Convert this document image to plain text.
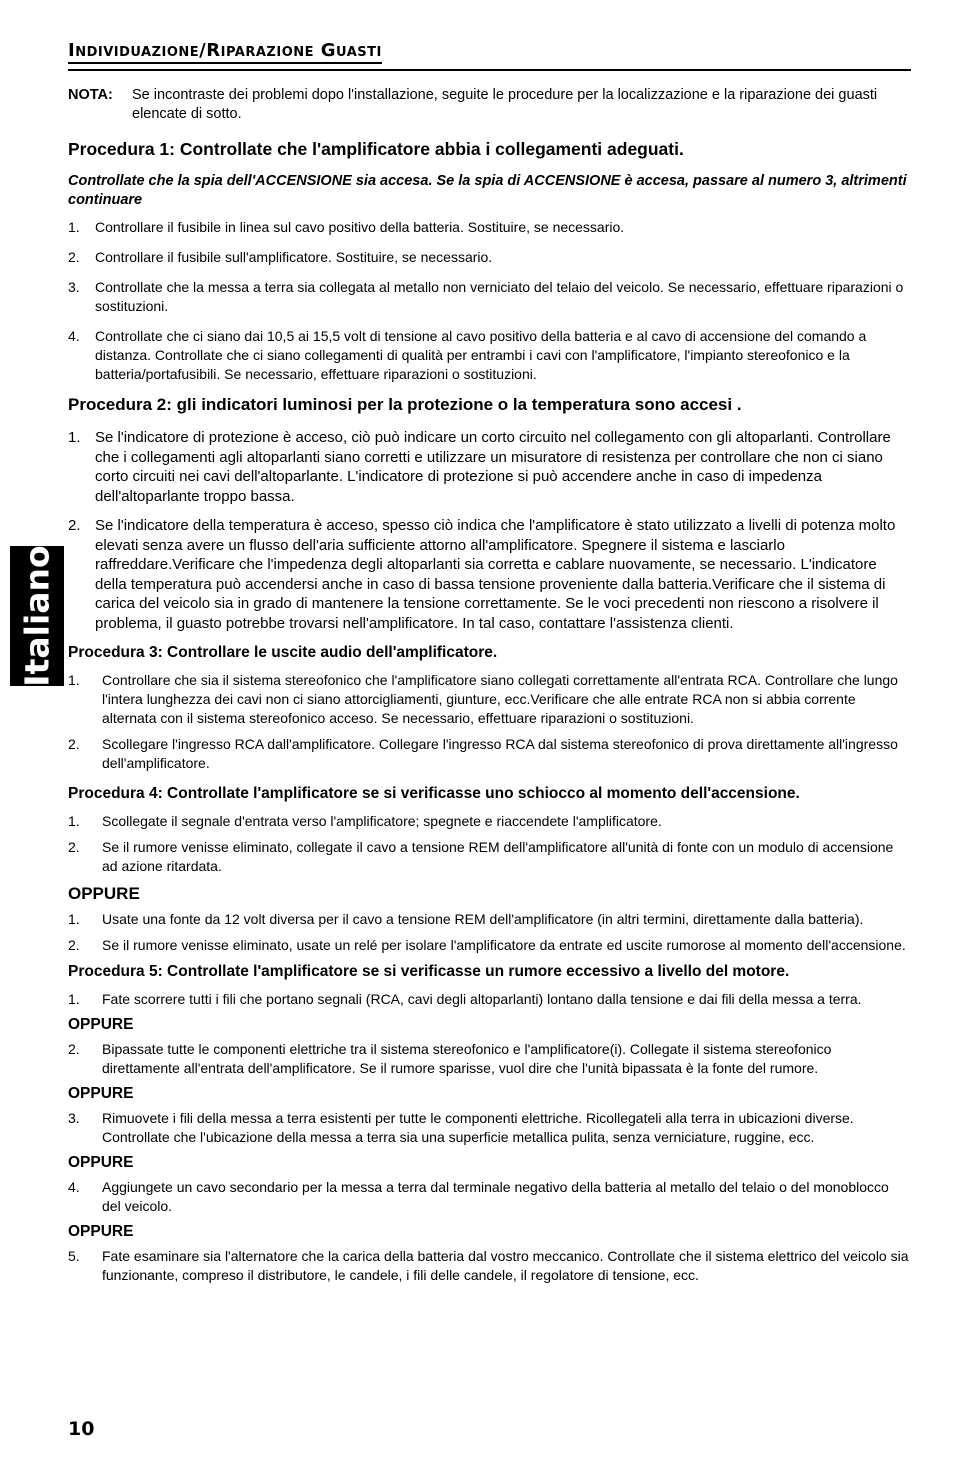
Individuazione/Riparazione Guasti
Italiano
NOTA:	Se incontraste dei problemi dopo l'installazione, seguite le procedure per la localizzazione e la riparazione dei guasti elencate di sotto.
Procedura 1: Controllate che l'amplificatore abbia i collegamenti adeguati.
Controllate che la spia dell'ACCENSIONE sia accesa. Se la spia di ACCENSIONE è accesa, passare al numero 3, altrimenti continuare
1.	Controllare il fusibile in linea sul cavo positivo della batteria. Sostituire, se necessario.
2.	Controllare il fusibile sull'amplificatore. Sostituire, se necessario.
3.	Controllate che la messa a terra sia collegata al metallo non verniciato del telaio del veicolo. Se necessario, effettuare riparazioni o sostituzioni.
4.	Controllate che ci siano dai 10,5 ai 15,5 volt di tensione al cavo positivo della batteria e al cavo di accensione del comando a distanza. Controllate che ci siano collegamenti di qualità per entrambi i cavi con l'amplificatore, l'impianto stereofonico e la batteria/portafusibili. Se necessario, effettuare riparazioni o sostituzioni.
Procedura 2: gli indicatori luminosi per la protezione o la temperatura sono accesi .
1. Se l'indicatore di protezione è acceso, ciò può indicare un corto circuito nel collegamento con gli altoparlanti. Controllare che i collegamenti agli altoparlanti siano corretti e utilizzare un misuratore di resistenza per controllare che non ci siano corto circuiti nei cavi dell'altoparlante. L'indicatore di protezione si può accendere anche in caso di impedenza dell'altoparlante troppo bassa.
2. Se l'indicatore della temperatura è acceso, spesso ciò indica che l'amplificatore è stato utilizzato a livelli di potenza molto elevati senza avere un flusso dell'aria sufficiente attorno all'amplificatore. Spegnere il sistema e lasciarlo raffreddare.Verificare che l'impedenza degli altoparlanti sia corretta e cablare nuovamente, se necessario. L'indicatore della temperatura può accendersi anche in caso di bassa tensione proveniente dalla batteria.Verificare che il sistema di carica del veicolo sia in grado di mantenere la tensione correttamente. Se le voci precedenti non riescono a risolvere il problema, il guasto potrebbe trovarsi nell'amplificatore. In tal caso, contattare l'assistenza clienti.
Procedura 3: Controllare le uscite audio dell'amplificatore.
1.	Controllare che sia il sistema stereofonico che l'amplificatore siano collegati correttamente all'entrata RCA. Controllare che lungo l'intera lunghezza dei cavi non ci siano attorcigliamenti, giunture, ecc.Verificare che alle entrate RCA non si abbia corrente alternata con il sistema stereofonico acceso. Se necessario, effettuare riparazioni o sostituzioni.
2.	Scollegare l'ingresso RCA dall'amplificatore. Collegare l'ingresso RCA dal sistema stereofonico di prova direttamente all'ingresso dell'amplificatore.
Procedura 4: Controllate l'amplificatore se si verificasse uno schiocco al momento dell'accensione.
1.	Scollegate il segnale d'entrata verso l'amplificatore; spegnete e riaccendete l'amplificatore.
2.	Se il rumore venisse eliminato, collegate il cavo a tensione REM dell'amplificatore all'unità di fonte con un modulo di accensione ad azione ritardata.
OPPURE
1.	Usate una fonte da 12 volt diversa per il cavo a tensione REM dell'amplificatore (in altri termini, direttamente dalla batteria).
2.	Se il rumore venisse eliminato, usate un relé per isolare l'amplificatore da entrate ed uscite rumorose al momento dell'accensione.
Procedura 5: Controllate l'amplificatore se si verificasse un rumore eccessivo a livello del motore.
1.	Fate scorrere tutti i fili che portano segnali (RCA, cavi degli altoparlanti) lontano dalla tensione e dai fili della messa a terra.
OPPURE
2.	Bipassate tutte le componenti elettriche tra il sistema stereofonico e l'amplificatore(i). Collegate il sistema stereofonico direttamente all'entrata dell'amplificatore. Se il rumore sparisse, vuol dire che l'unità bipassata è la fonte del rumore.
OPPURE
3.	Rimuovete i fili della messa a terra esistenti per tutte le componenti elettriche. Ricollegateli alla terra in ubicazioni diverse. Controllate che l'ubicazione della messa a terra sia una superficie metallica pulita, senza verniciature, ruggine, ecc.
OPPURE
4.	Aggiungete un cavo secondario per la messa a terra dal terminale negativo della batteria al metallo del telaio o del monoblocco del veicolo.
OPPURE
5.	Fate esaminare sia l'alternatore che la carica della batteria dal vostro meccanico. Controllate che il sistema elettrico del veicolo sia funzionante, compreso il distributore, le candele, i fili delle candele, il regolatore di tensione, ecc.
10
